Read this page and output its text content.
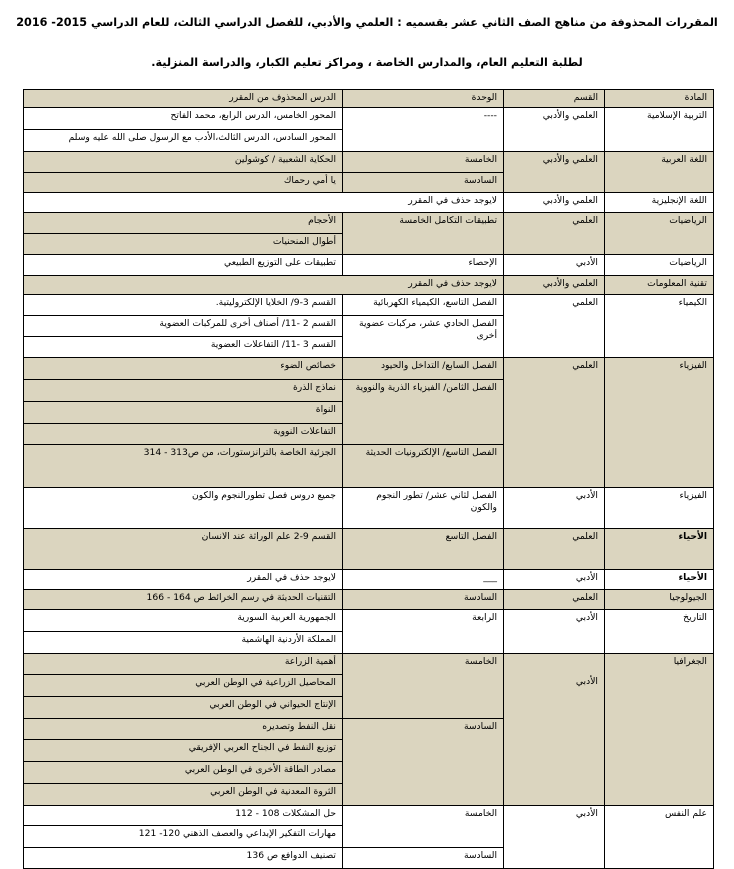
المقررات المحذوفة من مناهج الصف الثاني عشر بقسميه : العلمي والأدبي، للفصل الدراسي الثالث، للعام الدراسي 2015- 2016
لطلبة التعليم العام، والمدارس الخاصة ، ومراكز تعليم الكبار، والدراسة المنزلية.
المادة	القسم	الوحدة	الدرس المحذوف من المقرر
التربية الإسلامية	العلمي والأدبي	----	المحور الخامس، الدرس الرابع، محمد الفاتح
			المحور السادس، الدرس الثالث،الأدب مع الرسول صلى الله عليه وسلم
اللغة العربية	العلمي والأدبي	الخامسة	الحكاية الشعبية / كوشولين
		السادسة	يا أمي رحماك
اللغة الإنجليزية	العلمي والأدبي	لايوجد حذف في المقرر	
الرياضيات	العلمي	تطبيقات التكامل الخامسة	الأحجام
			أطوال المنحنيات
الرياضيات	الأدبي	الإحصاء	تطبيقات على التوزيع الطبيعي
تقنية المعلومات	العلمي والأدبي	لايوجد حذف في المقرر	
الكيمياء	العلمي	الفصل التاسع، الكيمياء الكهربائية	القسم 3-9/ الخلايا الإلكتروليتية.
		الفصل الحادي عشر، مركبات عضوية أخرى	القسم 2 -11/ أصناف أخرى للمركبات العضوية
			القسم 3 -11/ التفاعلات العضوية
الفيزياء	العلمي	الفصل السابع/ التداخل والحيود	خصائص الضوء
		الفصل الثامن/ الفيزياء الذرية والنووية	نماذج الذرة
			النواة
			التفاعلات النووية
		الفصل التاسع/ الإلكترونيات الحديثة	الجزئية الخاصة بالترانزستورات، من ص313 - 314

الفيزياء	الأدبي	الفصل لثاني عشر/ تطور النجوم والكون	جميع دروس فصل تطورالنجوم والكون
الأحياء	العلمي	الفصل التاسع	القسم 9-2 علم الوراثة عند الانسان
الأحياء	الأدبي	___	لايوجد حذف في المقرر
الجيولوجيا	العلمي	السادسة	التقنيات الحديثة في رسم الخرائط ص 164 - 166
التاريخ	الأدبي	الرابعة	الجمهورية العربية السورية
			المملكة الأردنية الهاشمية
الجغرافيا	الأدبي	الخامسة	أهمية الزراعة
			المحاصيل الزراعية في الوطن العربي
			الإنتاج الحيواني في الوطن العربي
		السادسة	نقل النفط وتصديره
			توزيع النفط في الجناح العربي الإفريقي
			مصادر الطاقة الأخرى في الوطن العربي
			الثروة المعدنية في الوطن العربي
علم النفس	الأدبي	الخامسة	حل المشكلات 108 - 112
			مهارات التفكير الإبداعي والعصف الذهني 120- 121
		السادسة	تصنيف الدوافع ص 136
